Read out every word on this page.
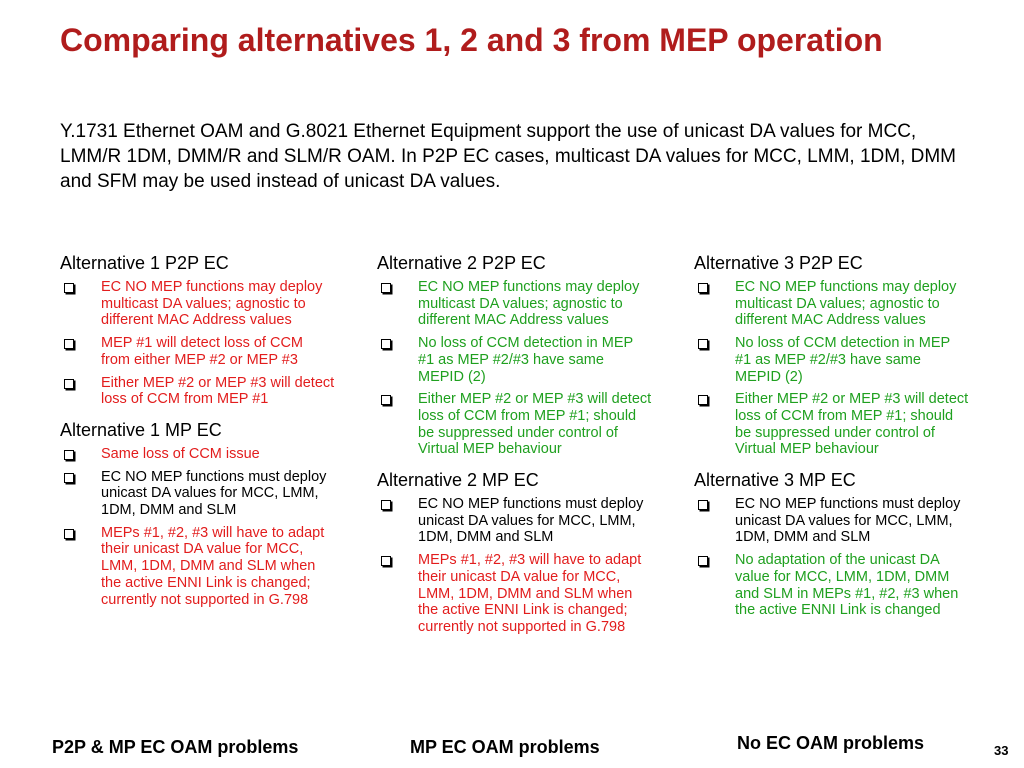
Comparing alternatives 1, 2 and 3 from MEP operation
Y.1731 Ethernet OAM and G.8021 Ethernet Equipment support the use of unicast DA values for MCC, LMM/R 1DM, DMM/R and SLM/R OAM. In P2P EC cases, multicast DA values for MCC, LMM, 1DM, DMM and SFM may be used instead of unicast DA values.
Alternative 1 P2P EC
EC NO MEP functions may deploy multicast DA values; agnostic to different MAC Address values
MEP #1 will detect loss of CCM from either MEP #2 or MEP #3
Either MEP #2 or MEP #3 will detect loss of CCM from MEP #1
Alternative 1 MP EC
Same loss of CCM issue
EC NO MEP functions must deploy unicast DA values for MCC, LMM, 1DM, DMM and SLM
MEPs #1, #2, #3 will have to adapt their unicast DA value for MCC, LMM, 1DM, DMM and SLM when the active ENNI Link is changed; currently not supported in G.798
Alternative 2 P2P EC
EC NO MEP functions may deploy multicast DA values; agnostic to different MAC Address values
No loss of CCM detection in MEP #1 as MEP #2/#3 have same MEPID (2)
Either MEP #2 or MEP #3 will detect loss of CCM from MEP #1; should be suppressed under control of Virtual MEP behaviour
Alternative 2 MP EC
EC NO MEP functions must deploy unicast DA values for MCC, LMM, 1DM, DMM and SLM
MEPs #1, #2, #3 will have to adapt their unicast DA value for MCC, LMM, 1DM, DMM and SLM when the active ENNI Link is changed; currently not supported in G.798
Alternative 3 P2P EC
EC NO MEP functions may deploy multicast DA values; agnostic to different MAC Address values
No loss of CCM detection in MEP #1 as MEP #2/#3 have same MEPID (2)
Either MEP #2 or MEP #3 will detect loss of CCM from MEP #1; should be suppressed under control of Virtual MEP behaviour
Alternative 3 MP EC
EC NO MEP functions must deploy unicast DA values for MCC, LMM, 1DM, DMM and SLM
No adaptation of the unicast DA value for MCC, LMM, 1DM, DMM and SLM in MEPs #1, #2, #3 when the active ENNI Link is changed
P2P & MP EC OAM problems	MP EC OAM problems	No EC OAM problems	33
